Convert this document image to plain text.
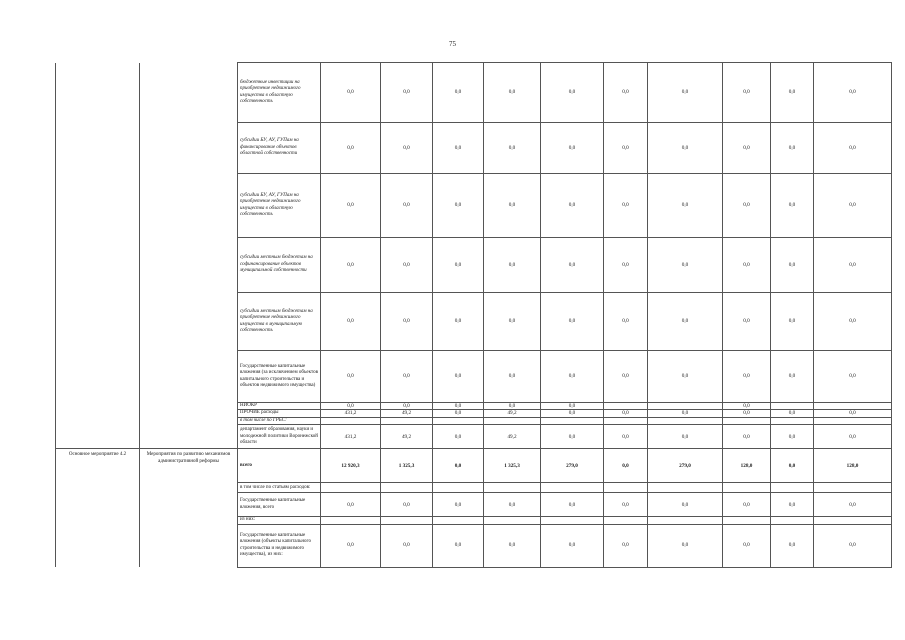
75
		бюджетные инвестиции на приобретение недвижимого имущества в областную собственность	0,0	0,0	0,0	0,0	0,0	0,0	0,0	0,0	0,0	0,0
		субсидии БУ, АУ, ГУПам на финансирование объектов областной собственности	0,0	0,0	0,0	0,0	0,0	0,0	0,0	0,0	0,0	0,0
		субсидии БУ, АУ, ГУПам на приобретение недвижимого имущества в областную собственность	0,0	0,0	0,0	0,0	0,0	0,0	0,0	0,0	0,0	0,0
		субсидии местным бюджетам на софинансирование объектов муниципальной собственности	0,0	0,0	0,0	0,0	0,0	0,0	0,0	0,0	0,0	0,0
		субсидии местным бюджетам на приобретение недвижимого имущества в муниципальную собственность	0,0	0,0	0,0	0,0	0,0	0,0	0,0	0,0	0,0	0,0
		Государственные капитальные вложения (за исключением объектов капитального строительства и объектов недвижимого имущества)	0,0	0,0	0,0	0,0	0,0	0,0	0,0	0,0	0,0	0,0
		НИОКР	0,0	0,0	0,0	0,0	0,0			0,0		
		ПРОЧИЕ расходы	431,2	49,2	0,0	49,2	0,0	0,0	0,0	0,0	0,0	0,0
		в том числе по ГРБС:										
		департамент образования, науки и молодежной политики Воронежской области	431,2	49,2	0,0	49,2	0,0	0,0	0,0	0,0	0,0	0,0
Основное мероприятие 4.2	Мероприятия по развитию механизмов административной реформы	всего	12 920,3	1 325,3	0,0	1 325,3	279,0	0,0	279,0	128,0	0,0	128,0
		в том числе по статьям расходов:										
		Государственные капитальные вложения, всего	0,0	0,0	0,0	0,0	0,0	0,0	0,0	0,0	0,0	0,0
		из них:										
		Государственные капитальные вложения (объекты капитального строительства и недвижимого имущества), из них:	0,0	0,0	0,0	0,0	0,0	0,0	0,0	0,0	0,0	0,0
